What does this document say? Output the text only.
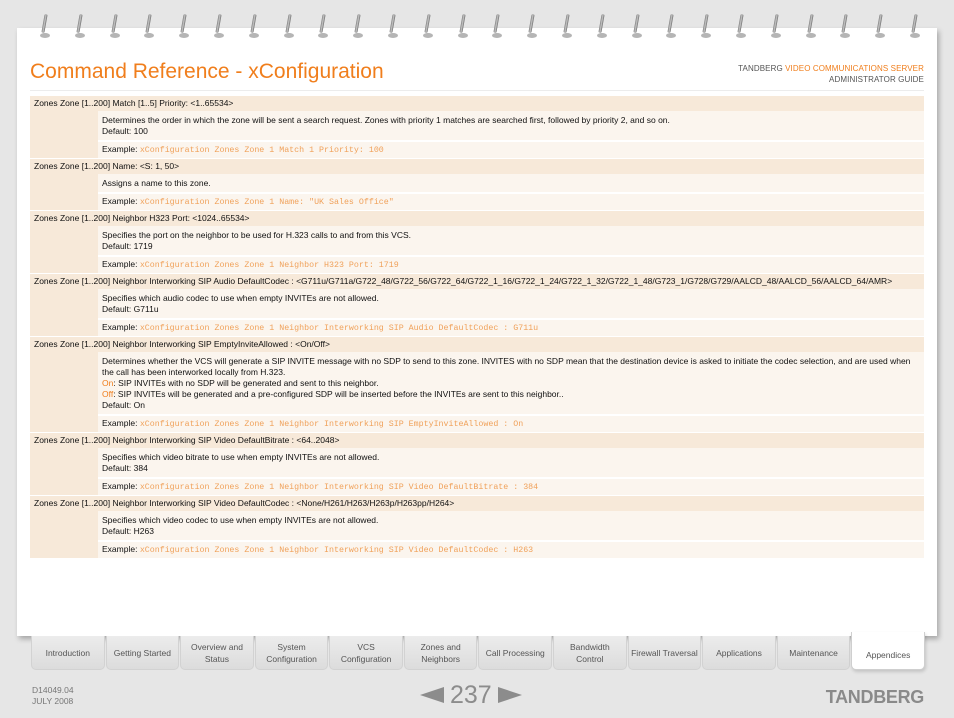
Command Reference - xConfiguration	TANDBERG VIDEO COMMUNICATIONS SERVER
ADMINISTRATOR GUIDE
Zones Zone [1..200] Match [1..5] Priority: <1..65534>

Determines the order in which the zone will be sent a search request. Zones with priority 1 matches are searched first, followed by priority 2, and so on.

Default: 100

Example: xConfiguration Zones Zone 1 Match 1 Priority: 100
Zones Zone [1..200] Name: <S: 1, 50>

Assigns a name to this zone.

Example: xConfiguration Zones Zone 1 Name: "UK Sales Office"
Zones Zone [1..200] Neighbor H323 Port: <1024..65534>

Specifies the port on the neighbor to be used for H.323 calls to and from this VCS.

Default: 1719

Example: xConfiguration Zones Zone 1 Neighbor H323 Port: 1719
Zones Zone [1..200] Neighbor Interworking SIP Audio DefaultCodec : <G711u/G711a/G722_48/G722_56/G722_64/G722_1_16/G722_1_24/G722_1_32/G722_1_48/G723_1/G728/G729/AALCD_48/AALCD_56/AALCD_64/AMR>

Specifies which audio codec to use when empty INVITEs are not allowed.

Default: G711u

Example: xConfiguration Zones Zone 1 Neighbor Interworking SIP Audio DefaultCodec : G711u
Zones Zone [1..200] Neighbor Interworking SIP EmptyInviteAllowed : <On/Off>

Determines whether the VCS will generate a SIP INVITE message with no SDP to send to this zone. INVITES with no SDP mean that the destination device is asked to initiate the codec selection, and are used when the call has been interworked locally from H.323.

On: SIP INVITEs with no SDP will be generated and sent to this neighbor.

Off: SIP INVITEs will be generated and a pre-configured SDP will be inserted before the INVITEs are sent to this neighbor..

Default: On

Example: xConfiguration Zones Zone 1 Neighbor Interworking SIP EmptyInviteAllowed : On
Zones Zone [1..200] Neighbor Interworking SIP Video DefaultBitrate : <64..2048>

Specifies which video bitrate to use when empty INVITEs are not allowed.

Default: 384

Example: xConfiguration Zones Zone 1 Neighbor Interworking SIP Video DefaultBitrate : 384
Zones Zone [1..200] Neighbor Interworking SIP Video DefaultCodec : <None/H261/H263/H263p/H263pp/H264>

Specifies which video codec to use when empty INVITEs are not allowed.

Default: H263

Example: xConfiguration Zones Zone 1 Neighbor Interworking SIP Video DefaultCodec : H263
Introduction	Getting Started
Overview and Status
System Configuration
VCS Configuration
Zones and Neighbors
Call Processing
Bandwidth Control
Firewall Traversal	Applications	Maintenance	Appendices
D14049.04
JULY 2008	237	TANDBERG
